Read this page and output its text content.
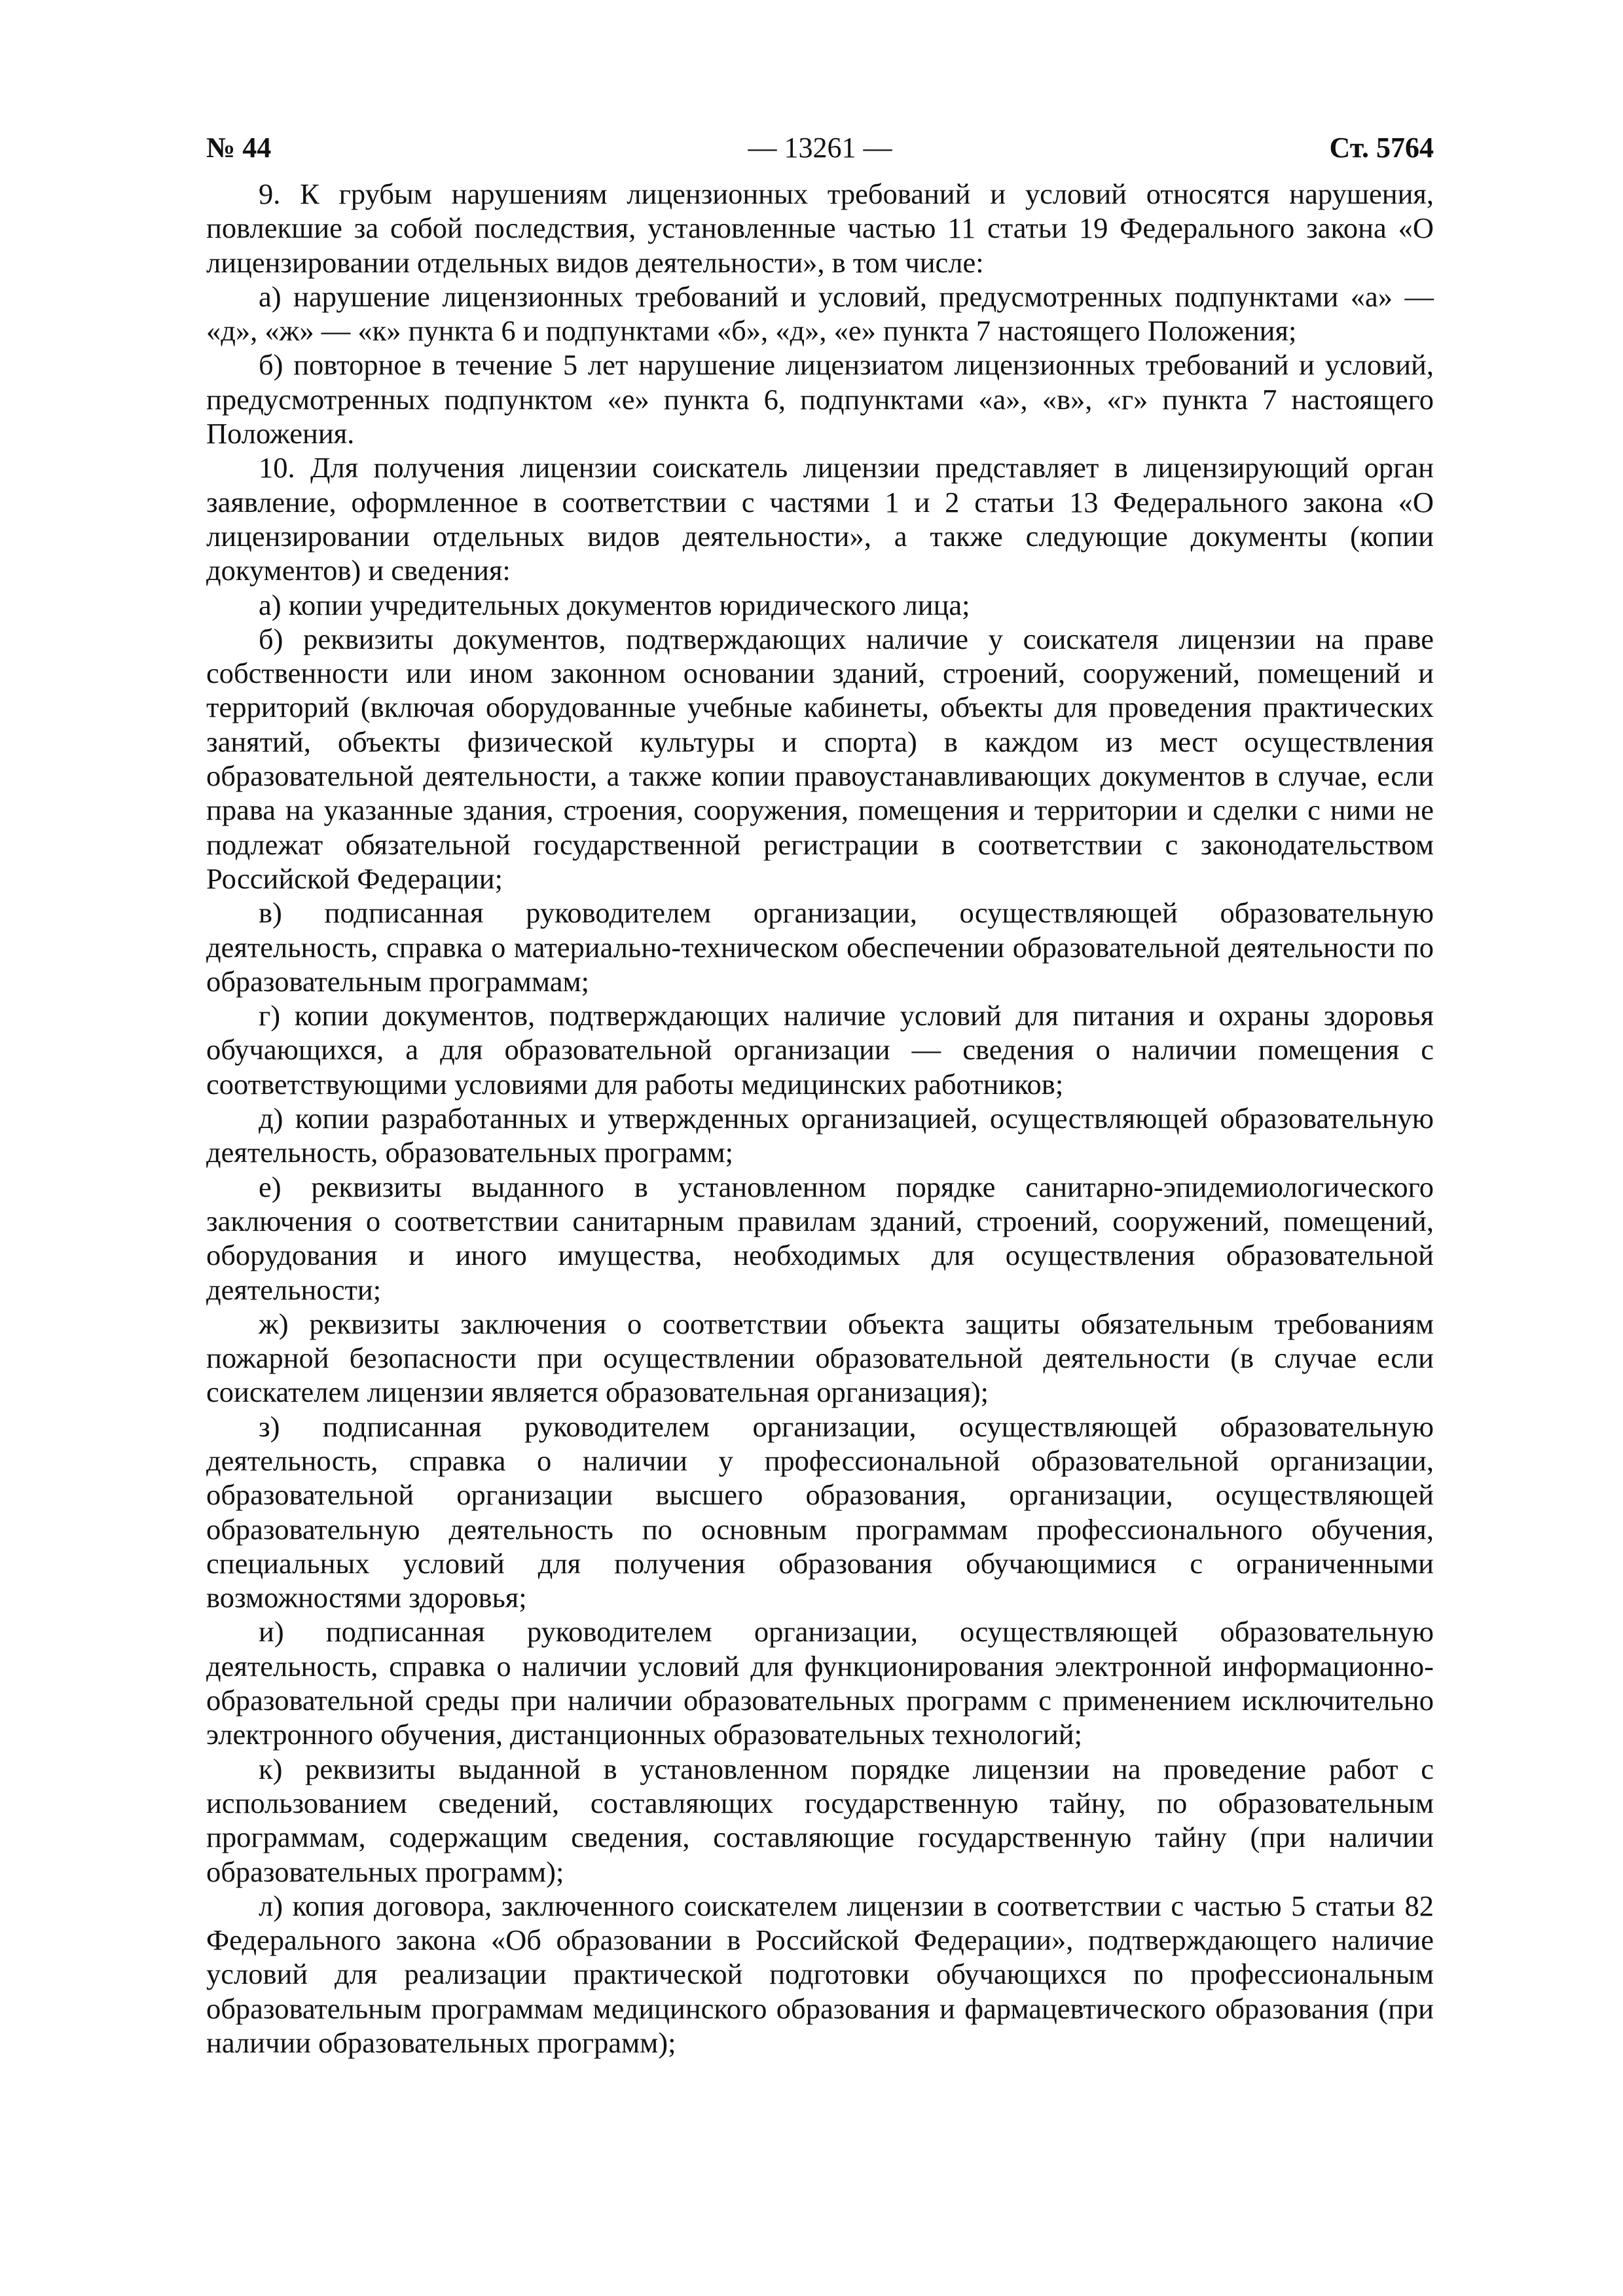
№ 44	— 13261 —	Ст. 5764

9. К грубым нарушениям лицензионных требований и условий относятся нарушения, повлекшие за собой последствия, установленные частью 11 статьи 19 Федерального закона «О лицензировании отдельных видов деятельности», в том числе:

а) нарушение лицензионных требований и условий, предусмотренных подпунктами «а» — «д», «ж» — «к» пункта 6 и подпунктами «б», «д», «е» пункта 7 настоящего Положения;

б) повторное в течение 5 лет нарушение лицензиатом лицензионных требований и условий, предусмотренных подпунктом «е» пункта 6, подпунктами «а», «в», «г» пункта 7 настоящего Положения.

10. Для получения лицензии соискатель лицензии представляет в лицензирующий орган заявление, оформленное в соответствии с частями 1 и 2 статьи 13 Федерального закона «О лицензировании отдельных видов деятельности», а также следующие документы (копии документов) и сведения:

а) копии учредительных документов юридического лица;

б) реквизиты документов, подтверждающих наличие у соискателя лицензии на праве собственности или ином законном основании зданий, строений, сооружений, помещений и территорий (включая оборудованные учебные кабинеты, объекты для проведения практических занятий, объекты физической культуры и спорта) в каждом из мест осуществления образовательной деятельности, а также копии правоустанавливающих документов в случае, если права на указанные здания, строения, сооружения, помещения и территории и сделки с ними не подлежат обязательной государственной регистрации в соответствии с законодательством Российской Федерации;

в) подписанная руководителем организации, осуществляющей образовательную деятельность, справка о материально-техническом обеспечении образовательной деятельности по образовательным программам;

г) копии документов, подтверждающих наличие условий для питания и охраны здоровья обучающихся, а для образовательной организации — сведения о наличии помещения с соответствующими условиями для работы медицинских работников;

д) копии разработанных и утвержденных организацией, осуществляющей образовательную деятельность, образовательных программ;

е) реквизиты выданного в установленном порядке санитарно-эпидемиологического заключения о соответствии санитарным правилам зданий, строений, сооружений, помещений, оборудования и иного имущества, необходимых для осуществления образовательной деятельности;

ж) реквизиты заключения о соответствии объекта защиты обязательным требованиям пожарной безопасности при осуществлении образовательной деятельности (в случае если соискателем лицензии является образовательная организация);

з) подписанная руководителем организации, осуществляющей образовательную деятельность, справка о наличии у профессиональной образовательной организации, образовательной организации высшего образования, организации, осуществляющей образовательную деятельность по основным программам профессионального обучения, специальных условий для получения образования обучающимися с ограниченными возможностями здоровья;

и) подписанная руководителем организации, осуществляющей образовательную деятельность, справка о наличии условий для функционирования электронной информационно-образовательной среды при наличии образовательных программ с применением исключительно электронного обучения, дистанционных образовательных технологий;

к) реквизиты выданной в установленном порядке лицензии на проведение работ с использованием сведений, составляющих государственную тайну, по образовательным программам, содержащим сведения, составляющие государственную тайну (при наличии образовательных программ);

л) копия договора, заключенного соискателем лицензии в соответствии с частью 5 статьи 82 Федерального закона «Об образовании в Российской Федерации», подтверждающего наличие условий для реализации практической подготовки обучающихся по профессиональным образовательным программам медицинского образования и фармацевтического образования (при наличии образовательных программ);
